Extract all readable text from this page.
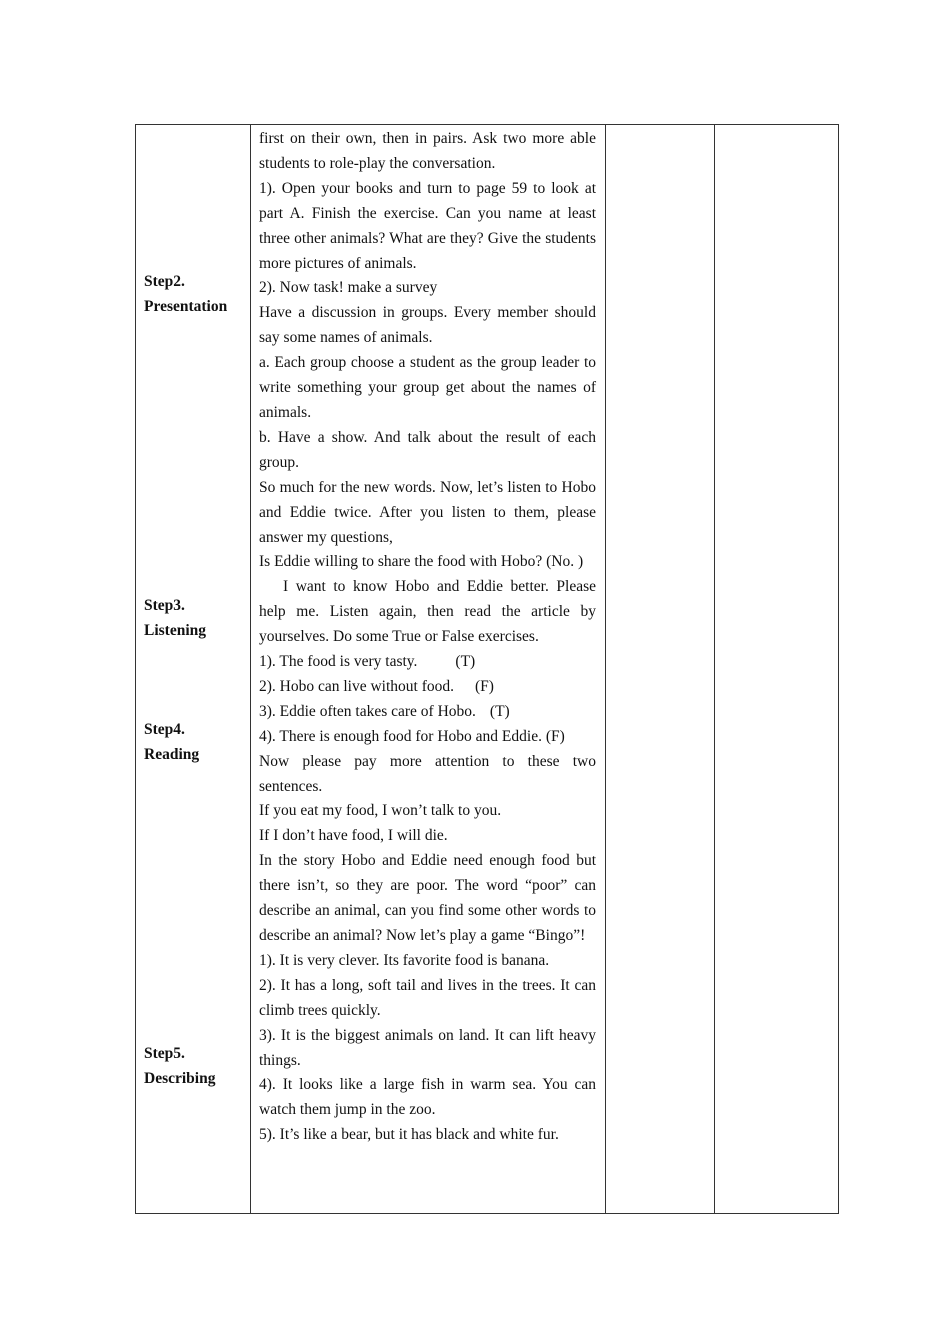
Step2.
Presentation
Step3.
Listening
Step4.
Reading
Step5.
Describing

first on their own, then in pairs. Ask two more able students to role-play the conversation.

1). Open your books and turn to page 59 to look at part A. Finish the exercise. Can you name at least three other animals? What are they? Give the students more pictures of animals.

2). Now task! make a survey

Have a discussion in groups. Every member should say some names of animals.

a. Each group choose a student as the group leader to write something your group get about the names of animals.

b. Have a show. And talk about the result of each group.

So much for the new words. Now, let’s listen to Hobo and Eddie twice. After you listen to them, please answer my questions,

Is Eddie willing to share the food with Hobo? (No. )

I want to know Hobo and Eddie better. Please help me. Listen again, then read the article by yourselves. Do some True or False exercises.

1). The food is very tasty. (T)

2). Hobo can live without food. (F)

3). Eddie often takes care of Hobo. (T)

4). There is enough food for Hobo and Eddie. (F)

Now please pay more attention to these two sentences.

If you eat my food, I won’t talk to you.

If I don’t have food, I will die.

In the story Hobo and Eddie need enough food but there isn’t, so they are poor. The word “poor” can describe an animal, can you find some other words to describe an animal? Now let’s play a game “Bingo”!

1). It is very clever. Its favorite food is banana.

2). It has a long, soft tail and lives in the trees. It can climb trees quickly.

3). It is the biggest animals on land. It can lift heavy things.

4). It looks like a large fish in warm sea. You can watch them jump in the zoo.

5). It’s like a bear, but it has black and white fur.
